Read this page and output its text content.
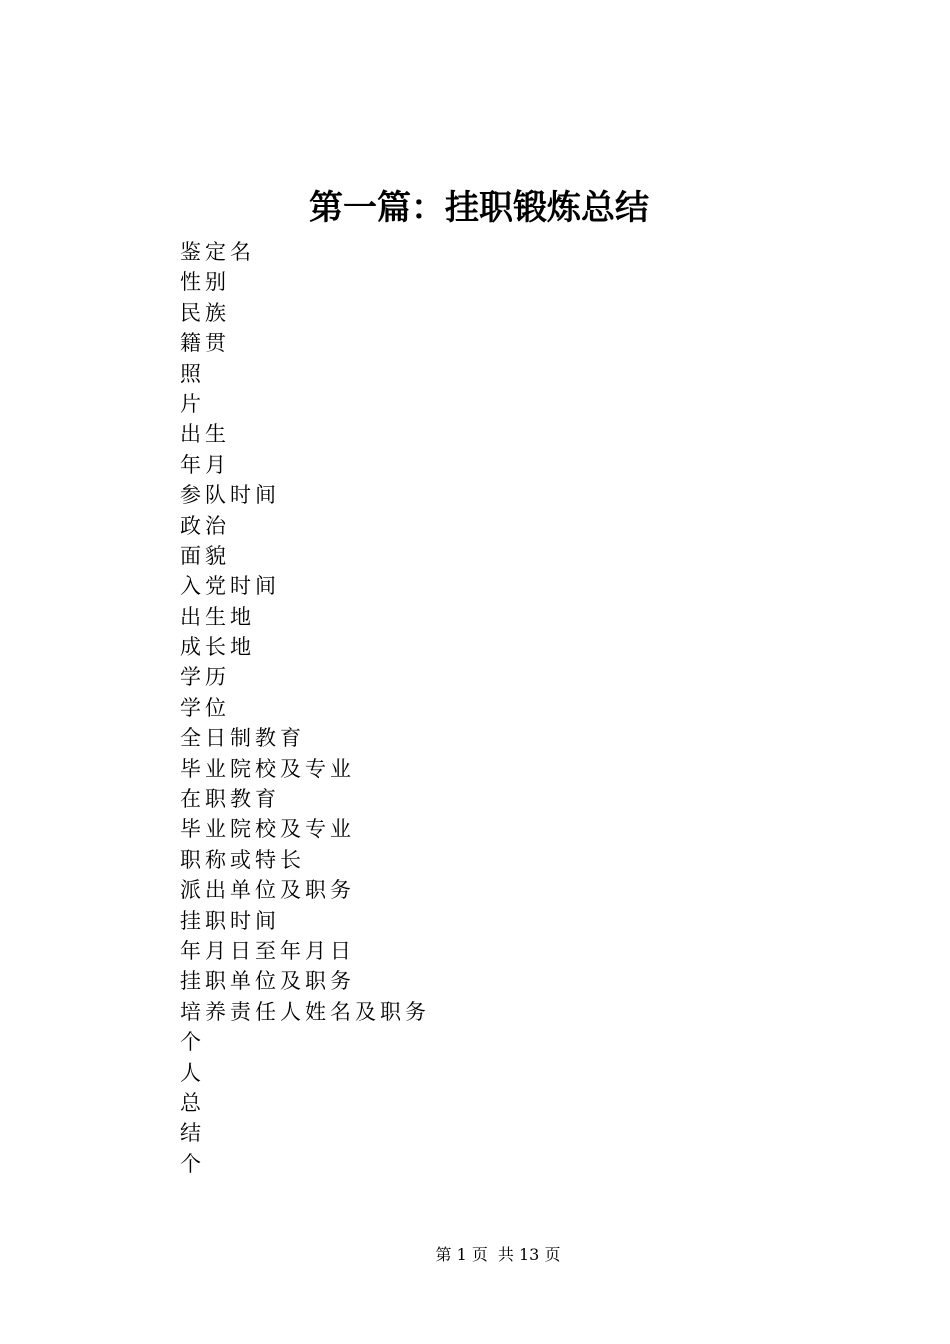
第一篇：挂职锻炼总结
鉴定名
性别
民族
籍贯
照
片
出生
年月
参队时间
政治
面貌
入党时间
出生地
成长地
学历
学位
全日制教育
毕业院校及专业
在职教育
毕业院校及专业
职称或特长
派出单位及职务
挂职时间
年月日至年月日
挂职单位及职务
培养责任人姓名及职务
个
人
总
结
个
第 1 页 共 13 页
